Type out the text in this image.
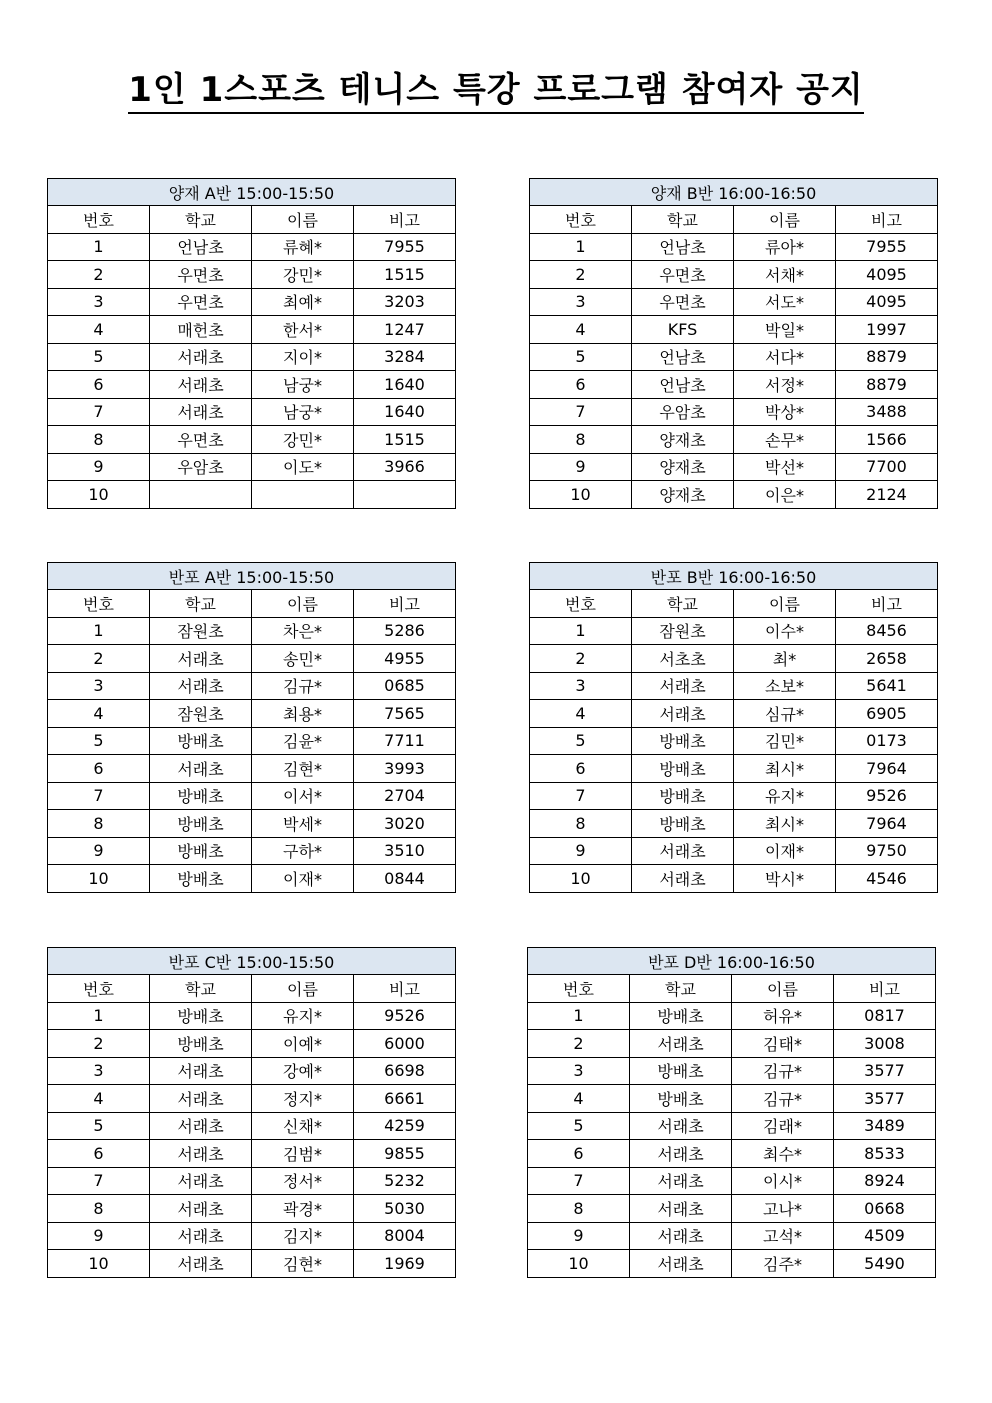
1인 1스포츠 테니스 특강 프로그램 참여자 공지
양재 A반 15:00-15:50			
번호	학교	이름	비고
1	언남초	류혜*	7955
2	우면초	강민*	1515
3	우면초	최예*	3203
4	매헌초	한서*	1247
5	서래초	지이*	3284
6	서래초	남궁*	1640
7	서래초	남궁*	1640
8	우면초	강민*	1515
9	우암초	이도*	3966
10			
양재 B반 16:00-16:50			
번호	학교	이름	비고
1	언남초	류아*	7955
2	우면초	서채*	4095
3	우면초	서도*	4095
4	KFS	박일*	1997
5	언남초	서다*	8879
6	언남초	서정*	8879
7	우암초	박상*	3488
8	양재초	손무*	1566
9	양재초	박선*	7700
10	양재초	이은*	2124
반포 A반 15:00-15:50			
번호	학교	이름	비고
1	잠원초	차은*	5286
2	서래초	송민*	4955
3	서래초	김규*	0685
4	잠원초	최용*	7565
5	방배초	김윤*	7711
6	서래초	김현*	3993
7	방배초	이서*	2704
8	방배초	박세*	3020
9	방배초	구하*	3510
10	방배초	이재*	0844
반포 B반 16:00-16:50			
번호	학교	이름	비고
1	잠원초	이수*	8456
2	서초초	최*	2658
3	서래초	소보*	5641
4	서래초	심규*	6905
5	방배초	김민*	0173
6	방배초	최시*	7964
7	방배초	유지*	9526
8	방배초	최시*	7964
9	서래초	이재*	9750
10	서래초	박시*	4546
반포 C반 15:00-15:50			
번호	학교	이름	비고
1	방배초	유지*	9526
2	방배초	이예*	6000
3	서래초	강예*	6698
4	서래초	정지*	6661
5	서래초	신채*	4259
6	서래초	김범*	9855
7	서래초	정서*	5232
8	서래초	곽경*	5030
9	서래초	김지*	8004
10	서래초	김현*	1969
반포 D반 16:00-16:50			
번호	학교	이름	비고
1	방배초	허유*	0817
2	서래초	김태*	3008
3	방배초	김규*	3577
4	방배초	김규*	3577
5	서래초	김래*	3489
6	서래초	최수*	8533
7	서래초	이시*	8924
8	서래초	고나*	0668
9	서래초	고석*	4509
10	서래초	김주*	5490
